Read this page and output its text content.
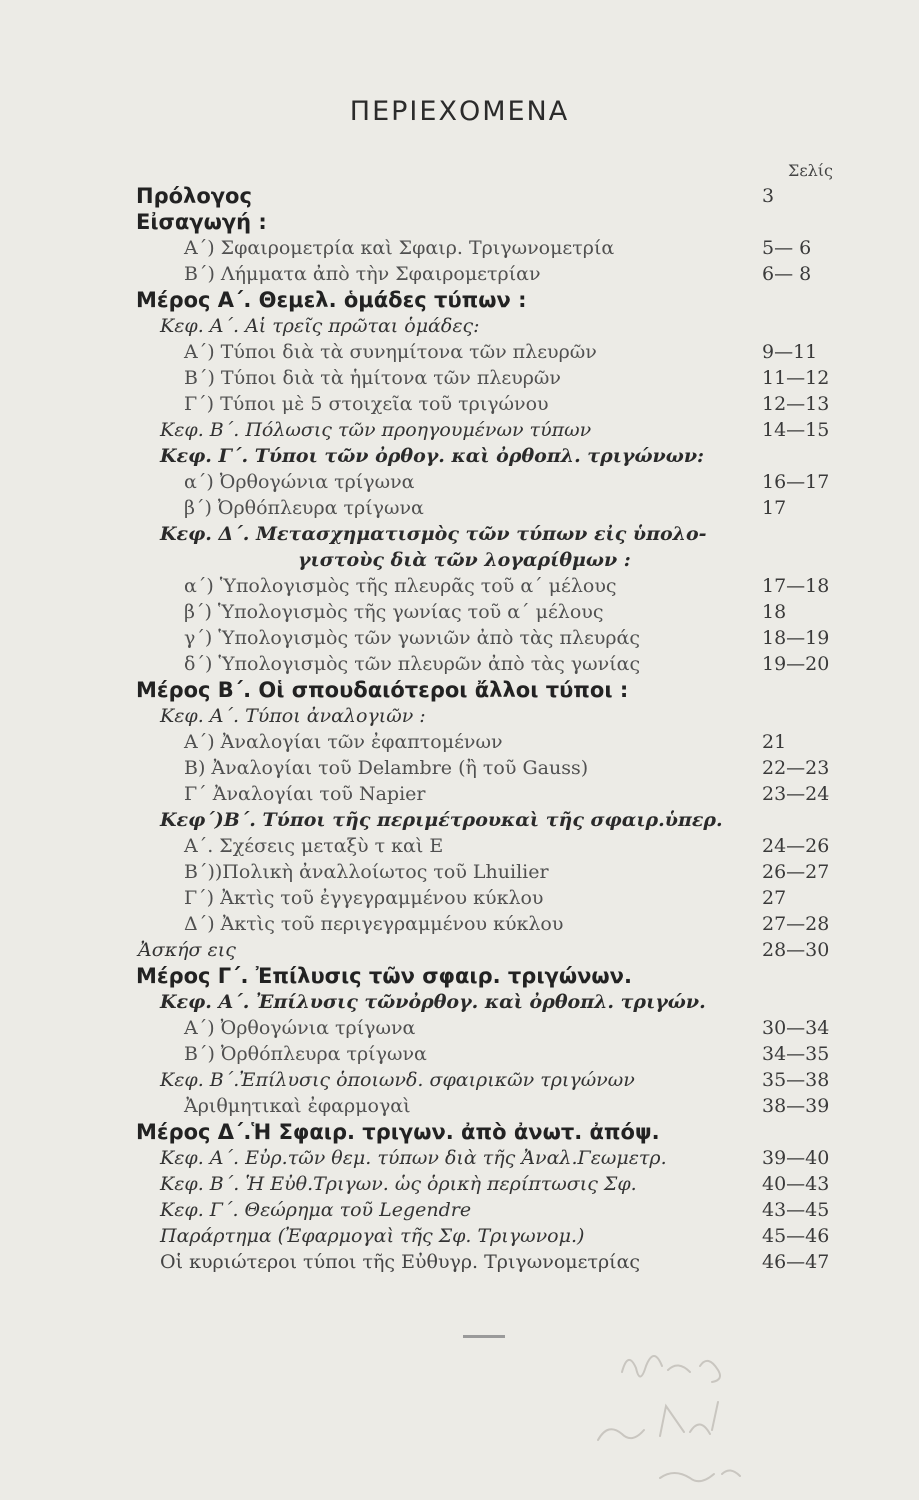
ΠΕΡΙΕΧΟΜΕΝΑ
Σελίς
Πρόλογος	3
Εἰσαγωγή :
Α΄) Σφαιρομετρία καὶ Σφαιρ. Τριγωνομετρία	5— 6
Β΄) Λήμματα ἀπὸ τὴν Σφαιρομετρίαν	6— 8
Μέρος Α΄. Θεμελ. ὁμάδες τύπων :
Κεφ. Α΄. Αἱ τρεῖς πρῶται ὁμάδες:
Α΄) Τύποι διὰ τὰ συνημίτονα τῶν πλευρῶν	9—11
Β΄) Τύποι διὰ τὰ ἡμίτονα τῶν πλευρῶν	11—12
Γ΄) Τύποι μὲ 5 στοιχεῖα τοῦ τριγώνου	12—13
Κεφ. Β΄. Πόλωσις τῶν προηγουμένων τύπων	14—15
Κεφ. Γ΄. Τύποι τῶν ὀρθογ. καὶ ὀρθοπλ. τριγώνων:
α΄) Ὀρθογώνια τρίγωνα	16—17
β΄) Ὀρθόπλευρα τρίγωνα	17
Κεφ. Δ΄. Μετασχηματισμὸς τῶν τύπων εἰς ὑπολο-
γιστοὺς διὰ τῶν λογαρίθμων :
α΄) Ὑπολογισμὸς τῆς πλευρᾶς τοῦ α΄ μέλους	17—18
β΄) Ὑπολογισμὸς τῆς γωνίας τοῦ α΄ μέλους	18
γ΄) Ὑπολογισμὸς τῶν γωνιῶν ἀπὸ τὰς πλευράς	18—19
δ΄) Ὑπολογισμὸς τῶν πλευρῶν ἀπὸ τὰς γωνίας	19—20
Μέρος Β΄. Οἱ σπουδαιότεροι ἄλλοι τύποι :
Κεφ. Α΄. Τύποι ἀναλογιῶν :
Α΄) Ἀναλογίαι τῶν ἐφαπτομένων	21
Β) Ἀναλογίαι τοῦ Delambre (ἢ τοῦ Gauss)	22—23
Γ΄ Ἀναλογίαι τοῦ Napier	23—24
Κεφ΄)Β΄. Τύποι τῆς περιμέτρουκαὶ τῆς σφαιρ.ὑπερ.
Α΄. Σχέσεις μεταξὺ τ καὶ Ε	24—26
Β΄))Πολικὴ ἀναλλοίωτος τοῦ Lhuilier	26—27
Γ΄) Ἀκτὶς τοῦ ἐγγεγραμμένου κύκλου	27
Δ΄) Ἀκτὶς τοῦ περιγεγραμμένου κύκλου	27—28
Ἀσκήσ εις	28—30
Μέρος Γ΄. Ἐπίλυσις τῶν σφαιρ. τριγώνων.
Κεφ. Α΄. Ἐπίλυσις τῶνὀρθογ. καὶ ὀρθοπλ. τριγών.
Α΄) Ὀρθογώνια τρίγωνα	30—34
Β΄) Ὀρθόπλευρα τρίγωνα	34—35
Κεφ. Β΄.Ἐπίλυσις ὁποιωνδ. σφαιρικῶν τριγώνων	35—38
Ἀριθμητικαὶ ἐφαρμογαὶ	38—39
Μέρος Δ΄.Ἡ Σφαιρ. τριγων. ἀπὸ ἀνωτ. ἀπόψ.
Κεφ. Α΄. Εὐρ.τῶν θεμ. τύπων διὰ τῆς Ἀναλ.Γεωμετρ.	39—40
Κεφ. Β΄. Ἡ Εὐθ.Τριγων. ὡς ὁρικὴ περίπτωσις Σφ.	40—43
Κεφ. Γ΄. Θεώρημα τοῦ Legendre	43—45
Παράρτημα (Ἐφαρμογαὶ τῆς Σφ. Τριγωνομ.)	45—46
Οἱ κυριώτεροι τύποι τῆς Εὐθυγρ. Τριγωνομετρίας	46—47
